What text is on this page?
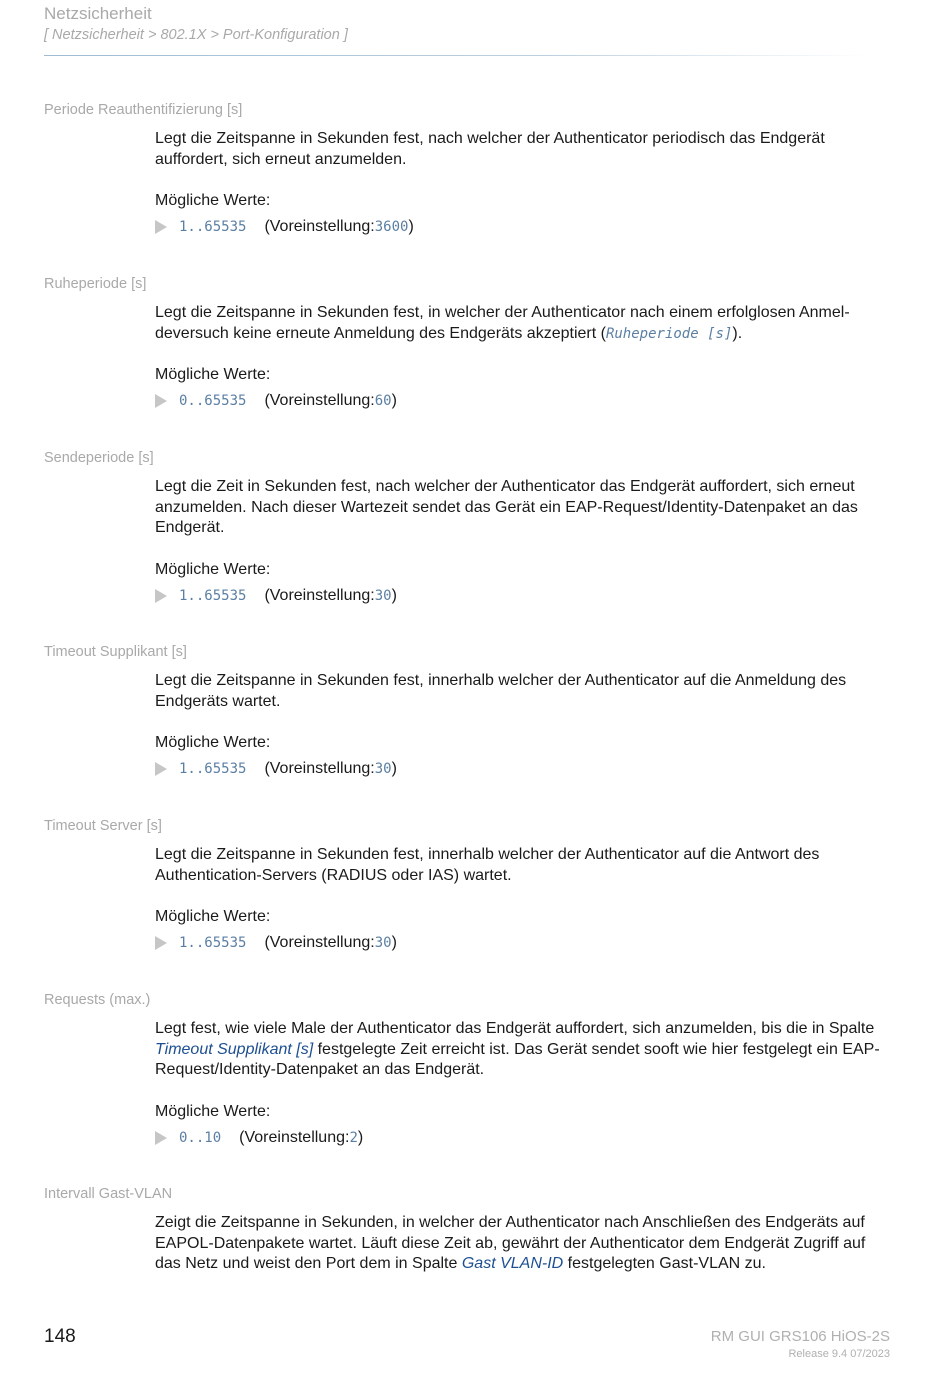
Netzsicherheit
[ Netzsicherheit > 802.1X > Port-Konfiguration ]
Periode Reauthentifizierung [s]

Legt die Zeitspanne in Sekunden fest, nach welcher der Authenticator periodisch das Endgerät auffordert, sich erneut anzumelden.

Mögliche Werte:
1..65535 (Voreinstellung: 3600 )
Ruheperiode [s]

Legt die Zeitspanne in Sekunden fest, in welcher der Authenticator nach einem erfolglosen Anmeldeversuch keine erneute Anmeldung des Endgeräts akzeptiert (Ruheperiode [s]).

Mögliche Werte:
0..65535 (Voreinstellung: 60 )
Sendeperiode [s]

Legt die Zeit in Sekunden fest, nach welcher der Authenticator das Endgerät auffordert, sich erneut anzumelden. Nach dieser Wartezeit sendet das Gerät ein EAP-Request/Identity-Datenpaket an das Endgerät.

Mögliche Werte:
1..65535 (Voreinstellung: 30 )
Timeout Supplikant [s]

Legt die Zeitspanne in Sekunden fest, innerhalb welcher der Authenticator auf die Anmeldung des Endgeräts wartet.

Mögliche Werte:
1..65535 (Voreinstellung: 30 )
Timeout Server [s]

Legt die Zeitspanne in Sekunden fest, innerhalb welcher der Authenticator auf die Antwort des Authentication-Servers (RADIUS oder IAS) wartet.

Mögliche Werte:
1..65535 (Voreinstellung: 30 )
Requests (max.)

Legt fest, wie viele Male der Authenticator das Endgerät auffordert, sich anzumelden, bis die in Spalte Timeout Supplikant [s] festgelegte Zeit erreicht ist. Das Gerät sendet sooft wie hier festgelegt ein EAP-Request/Identity-Datenpaket an das Endgerät.

Mögliche Werte:
0..10 (Voreinstellung: 2 )
Intervall Gast-VLAN

Zeigt die Zeitspanne in Sekunden, in welcher der Authenticator nach Anschließen des Endgeräts auf EAPOL-Datenpakete wartet. Läuft diese Zeit ab, gewährt der Authenticator dem Endgerät Zugriff auf das Netz und weist den Port dem in Spalte Gast VLAN-ID festgelegten Gast-VLAN zu.

148	RM GUI GRS106 HiOS-2S
Release 9.4 07/2023
